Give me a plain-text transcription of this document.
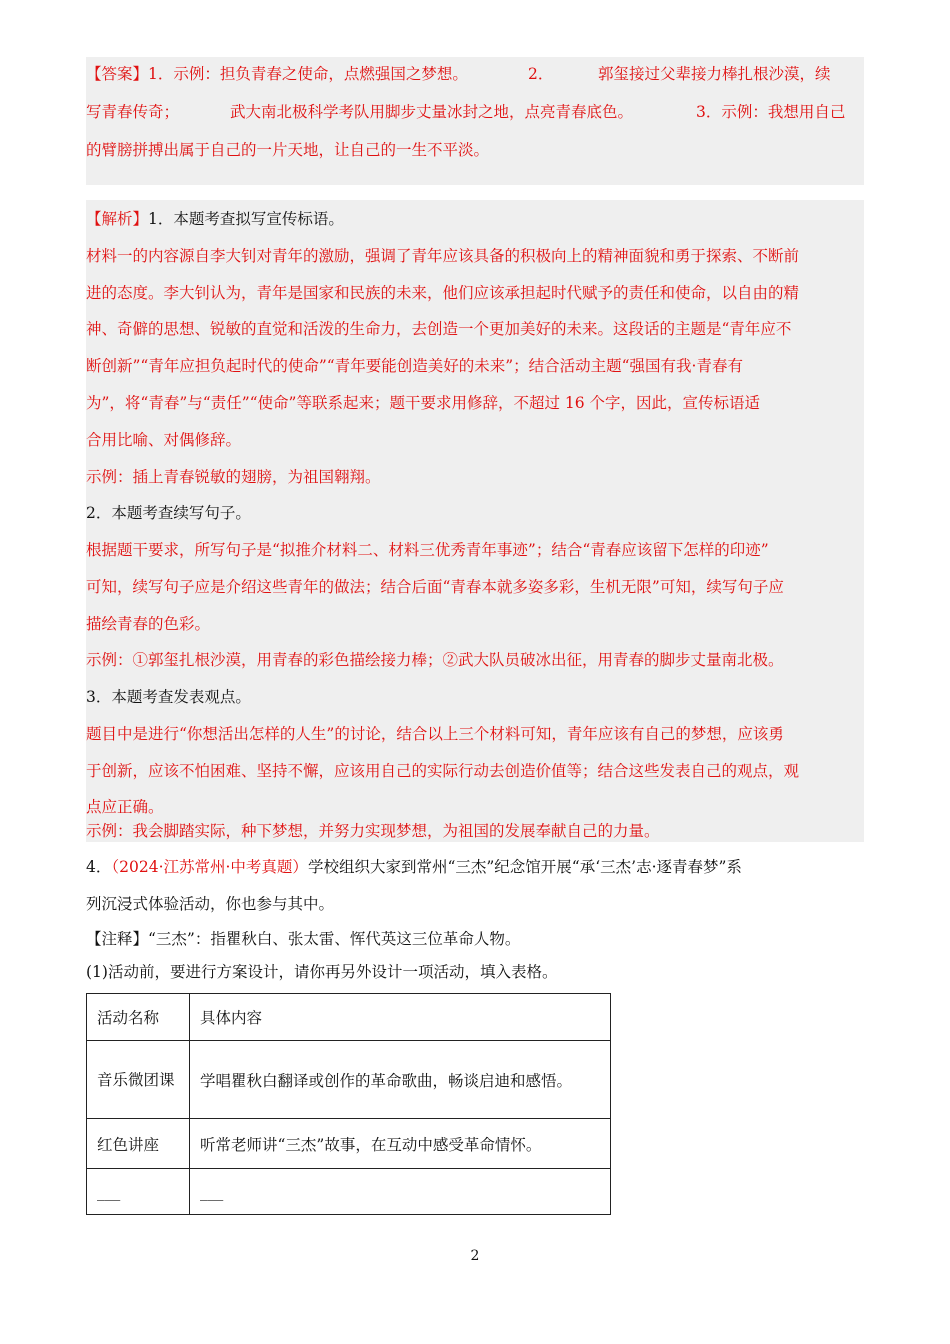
【答案】1．示例：担负青春之使命，点燃强国之梦想。	2．	郭玺接过父辈接力棒扎根沙漠，续
写青春传奇；	武大南北极科学考队用脚步丈量冰封之地，点亮青春底色。	3．示例：我想用自己
的臂膀拼搏出属于自己的一片天地，让自己的一生不平淡。
【解析】1．本题考查拟写宣传标语。
材料一的内容源自李大钊对青年的激励，强调了青年应该具备的积极向上的精神面貌和勇于探索、不断前
进的态度。李大钊认为，青年是国家和民族的未来，他们应该承担起时代赋予的责任和使命，以自由的精
神、奇僻的思想、锐敏的直觉和活泼的生命力，去创造一个更加美好的未来。这段话的主题是“青年应不
断创新”“青年应担负起时代的使命”“青年要能创造美好的未来”；结合活动主题“强国有我·青春有
为”，将“青春”与“责任”“使命”等联系起来；题干要求用修辞，不超过 16 个字，因此，宣传标语适
合用比喻、对偶修辞。
示例：插上青春锐敏的翅膀，为祖国翱翔。
2．本题考查续写句子。
根据题干要求，所写句子是“拟推介材料二、材料三优秀青年事迹”；结合“青春应该留下怎样的印迹”
可知，续写句子应是介绍这些青年的做法；结合后面“青春本就多姿多彩，生机无限”可知，续写句子应
描绘青春的色彩。
示例：①郭玺扎根沙漠，用青春的彩色描绘接力棒；②武大队员破冰出征，用青春的脚步丈量南北极。
3．本题考查发表观点。
题目中是进行“你想活出怎样的人生”的讨论，结合以上三个材料可知，青年应该有自己的梦想，应该勇
于创新，应该不怕困难、坚持不懈，应该用自己的实际行动去创造价值等；结合这些发表自己的观点，观
点应正确。
示例：我会脚踏实际，种下梦想，并努力实现梦想，为祖国的发展奉献自己的力量。
4．（2024·江苏常州·中考真题）学校组织大家到常州“三杰”纪念馆开展“承‘三杰’志·逐青春梦”系
列沉浸式体验活动，你也参与其中。
【注释】“三杰”：指瞿秋白、张太雷、恽代英这三位革命人物。
(1)活动前，要进行方案设计，请你再另外设计一项活动，填入表格。
活动名称	具体内容
音乐微团课	学唱瞿秋白翻译或创作的革命歌曲，畅谈启迪和感悟。
红色讲座	听常老师讲“三杰”故事，在互动中感受革命情怀。
___	___
2
